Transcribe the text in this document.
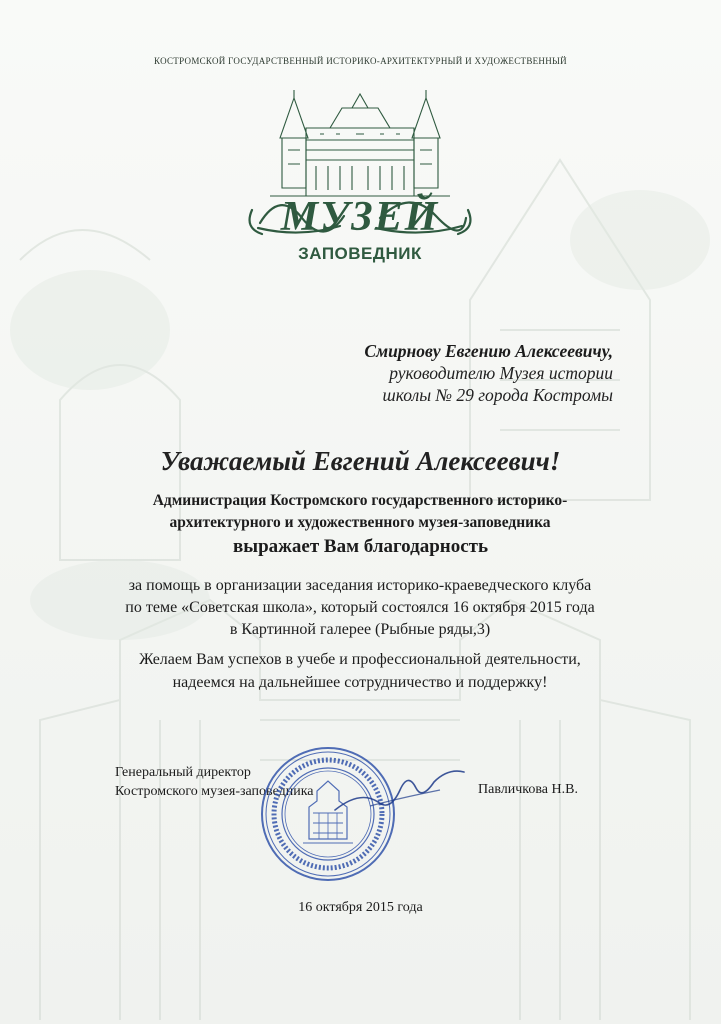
КОСТРОМСКОЙ ГОСУДАРСТВЕННЫЙ ИСТОРИКО-АРХИТЕКТУРНЫЙ И ХУДОЖЕСТВЕННЫЙ
МУЗЕЙ
ЗАПОВЕДНИК
Смирнову Евгению Алексеевичу,
руководителю Музея истории
школы № 29 города Костромы
Уважаемый Евгений Алексеевич!
Администрация Костромского государственного историко-
архитектурного и художественного музея-заповедника
выражает Вам благодарность
за помощь в организации заседания историко-краеведческого клуба
по теме «Советская школа», который состоялся 16 октября 2015 года
в Картинной галерее (Рыбные ряды,3)
Желаем Вам успехов в учебе и профессиональной деятельности,
надеемся на дальнейшее сотрудничество и поддержку!
Генеральный директор
Костромского музея-заповедника	Павличкова Н.В.
16 октября 2015 года
